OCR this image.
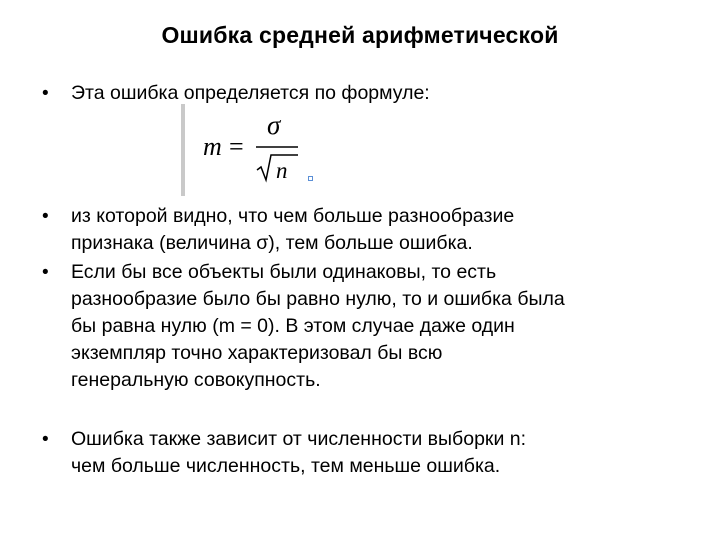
Ошибка средней арифметической
• Эта ошибка определяется по формуле:
m =
σ
n
• из которой видно, что чем больше разнообразие
признака (величина σ), тем больше ошибка.
• Если бы все объекты были одинаковы, то есть
разнообразие было бы равно нулю, то и ошибка была
бы равна нулю (m = 0). В этом случае даже один
экземпляр точно характеризовал бы всю
генеральную совокупность.
• Ошибка также зависит от численности выборки n:
чем больше численность, тем меньше ошибка.
